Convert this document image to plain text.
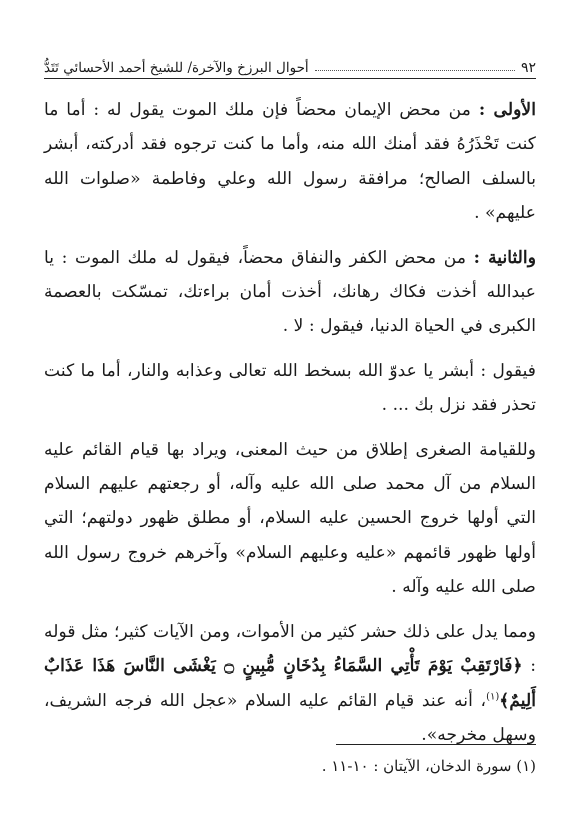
٩٢
أحوال البرزخ والآخرة/ للشيخ أحمد الأحسائي تَتَدُّ

الأولى : من محض الإيمان محضاً فإن ملك الموت يقول له : أما ما كنت تَحْذَرُهُ فقد أمنك الله منه، وأما ما كنت ترجوه فقد أدركته، أبشر بالسلف الصالح؛ مرافقة رسول الله وعلي وفاطمة «صلوات الله عليهم» .

والثانية : من محض الكفر والنفاق محضاً، فيقول له ملك الموت : يا عبدالله أخذت فكاك رهانك، أخذت أمان براءتك، تمسّكت بالعصمة الكبرى في الحياة الدنيا، فيقول : لا .

فيقول : أبشر يا عدوّ الله بسخط الله تعالى وعذابه والنار، أما ما كنت تحذر فقد نزل بك ... .

وللقيامة الصغرى إطلاق من حيث المعنى، ويراد بها قيام القائم عليه السلام من آل محمد صلى الله عليه وآله، أو رجعتهم عليهم السلام التي أولها خروج الحسين عليه السلام، أو مطلق ظهور دولتهم؛ التي أولها ظهور قائمهم «عليه وعليهم السلام» وآخرهم خروج رسول الله صلى الله عليه وآله .

ومما يدل على ذلك حشر كثير من الأموات، ومن الآيات كثير؛ مثل قوله : ﴿فَارْتَقِبْ يَوْمَ تَأْتِي السَّمَاءُ بِدُخَانٍ مُّبِينٍ ۝ يَغْشَى النَّاسَ هَذَا عَذَابٌ أَلِيمٌ﴾$^{(١)}$، أنه عند قيام القائم عليه السلام «عجل الله فرجه الشريف، وسهل مخرجه».

(١) سورة الدخان، الآيتان : ١٠-١١ .
